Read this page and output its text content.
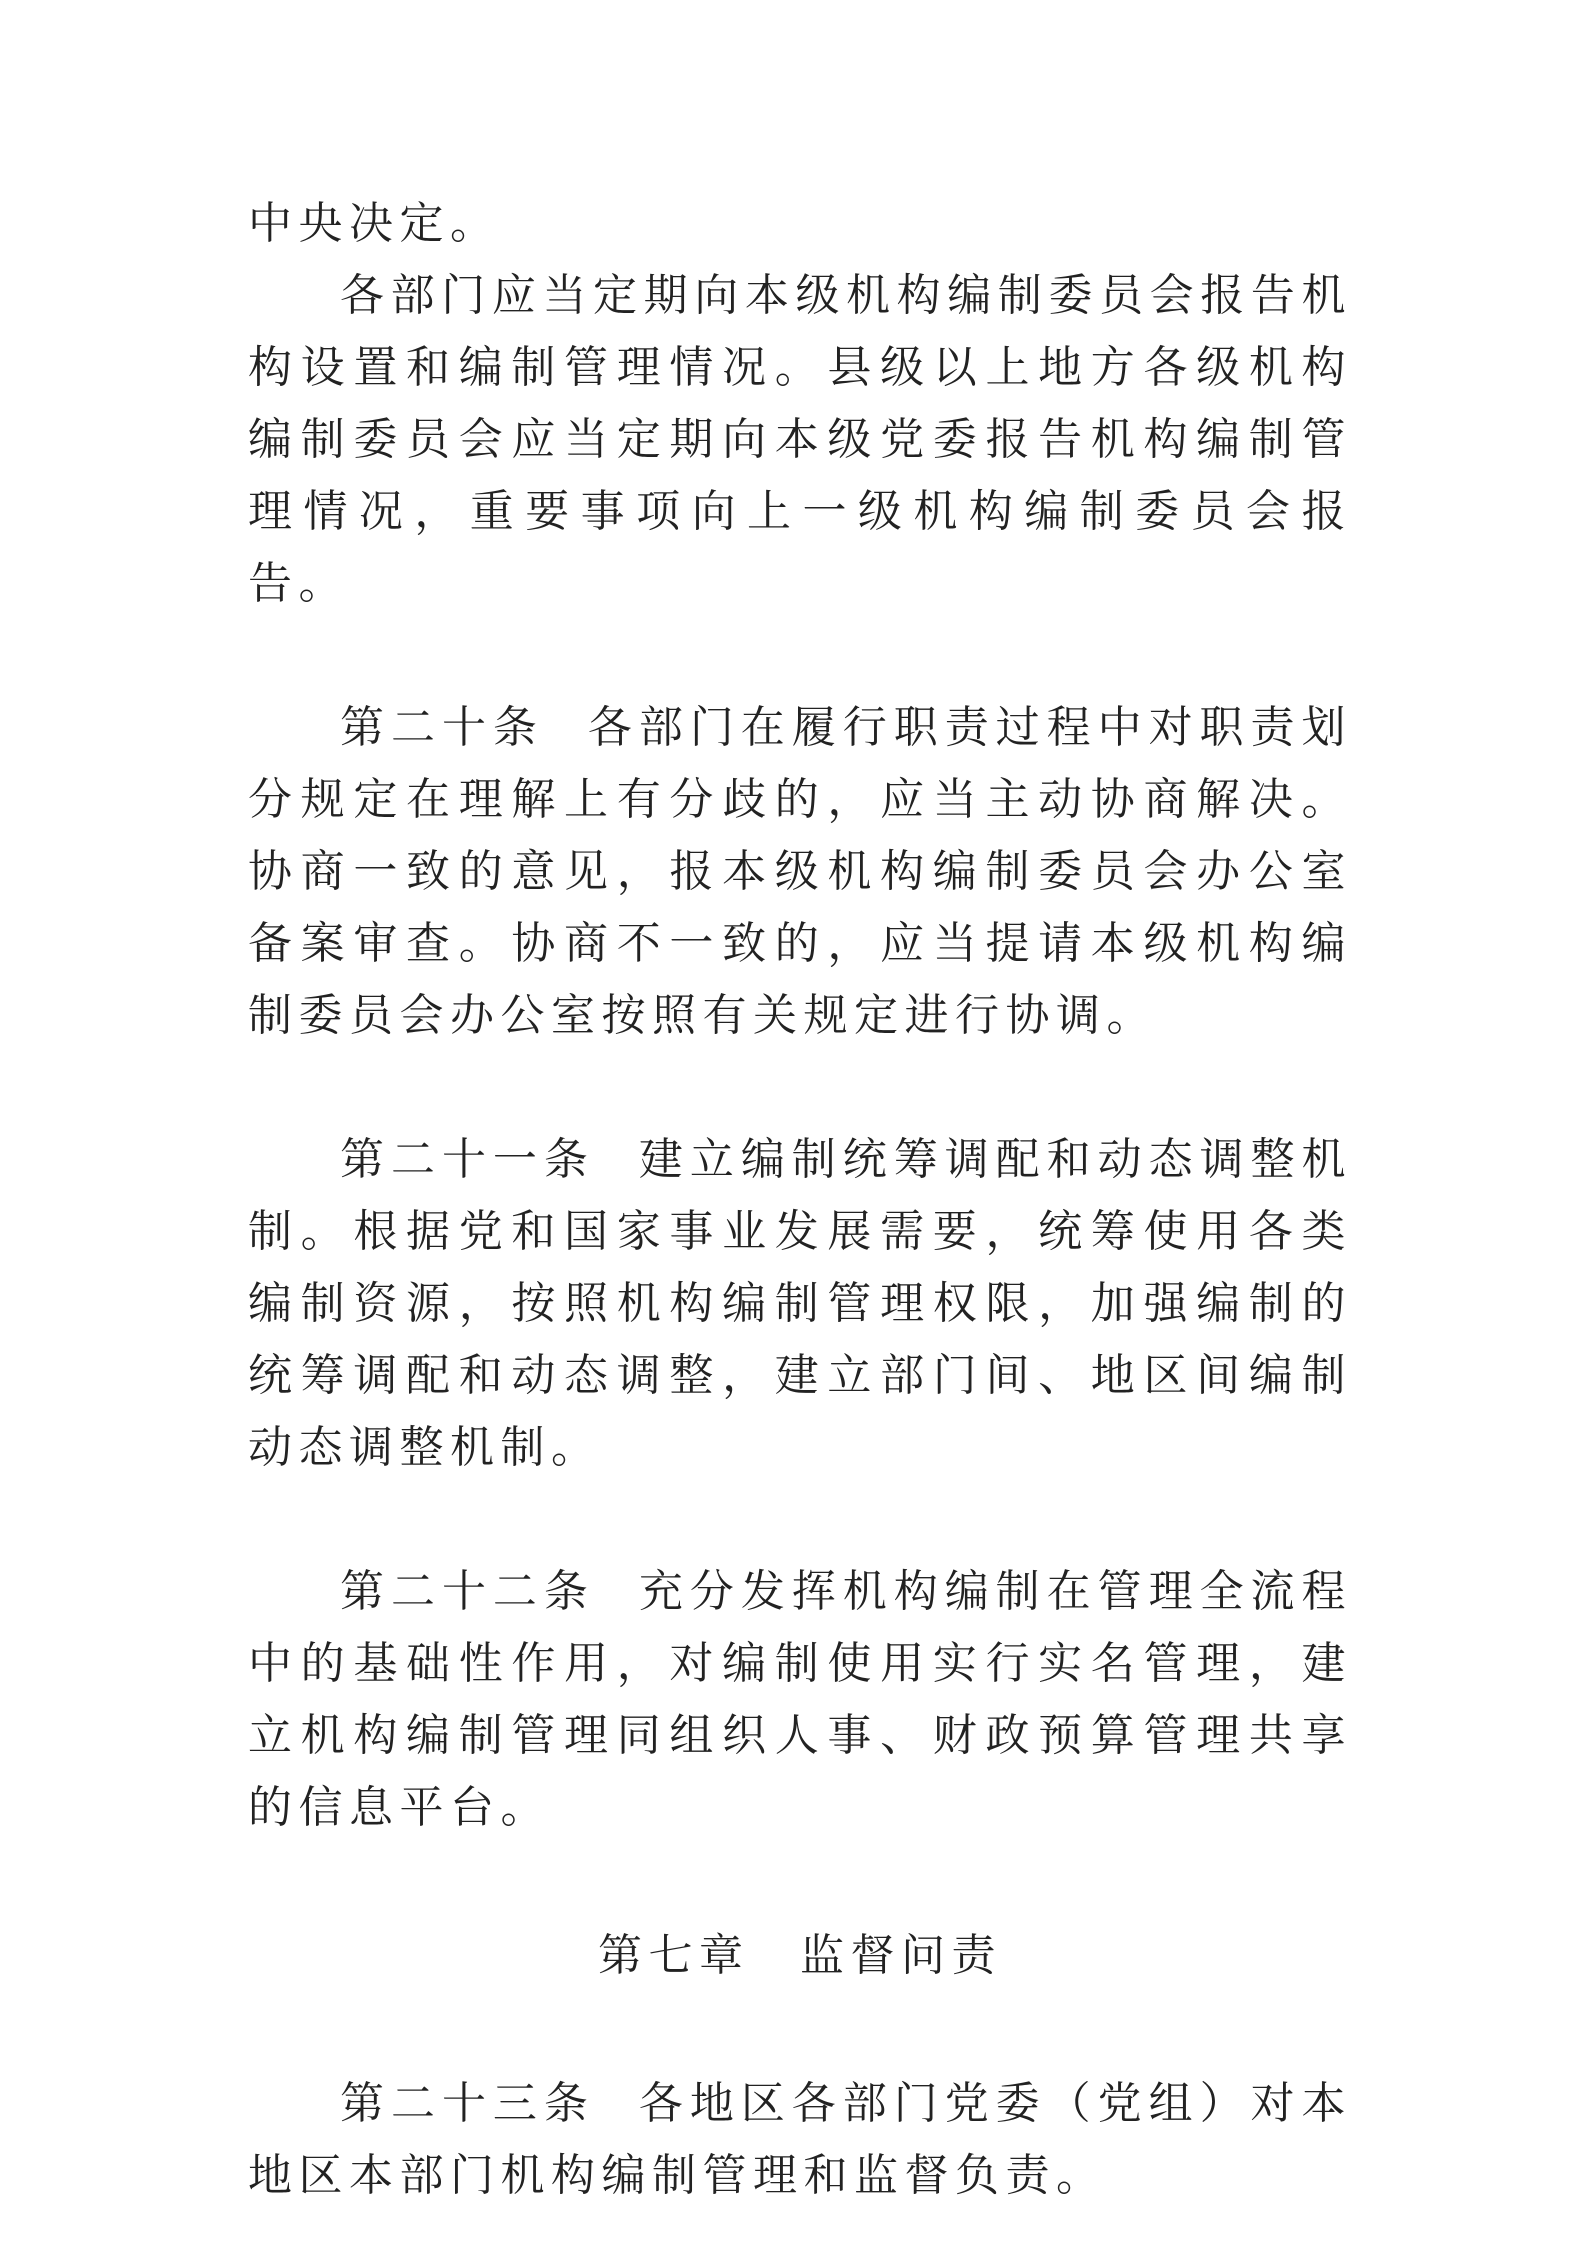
中央决定。

各部门应当定期向本级机构编制委员会报告机构设置和编制管理情况。县级以上地方各级机构编制委员会应当定期向本级党委报告机构编制管理情况，重要事项向上一级机构编制委员会报告。

第二十条 各部门在履行职责过程中对职责划分规定在理解上有分歧的，应当主动协商解决。协商一致的意见，报本级机构编制委员会办公室备案审查。协商不一致的，应当提请本级机构编制委员会办公室按照有关规定进行协调。

第二十一条 建立编制统筹调配和动态调整机制。根据党和国家事业发展需要，统筹使用各类编制资源，按照机构编制管理权限，加强编制的统筹调配和动态调整，建立部门间、地区间编制动态调整机制。

第二十二条 充分发挥机构编制在管理全流程中的基础性作用，对编制使用实行实名管理，建立机构编制管理同组织人事、财政预算管理共享的信息平台。

第七章　监督问责

第二十三条 各地区各部门党委（党组）对本地区本部门机构编制管理和监督负责。
